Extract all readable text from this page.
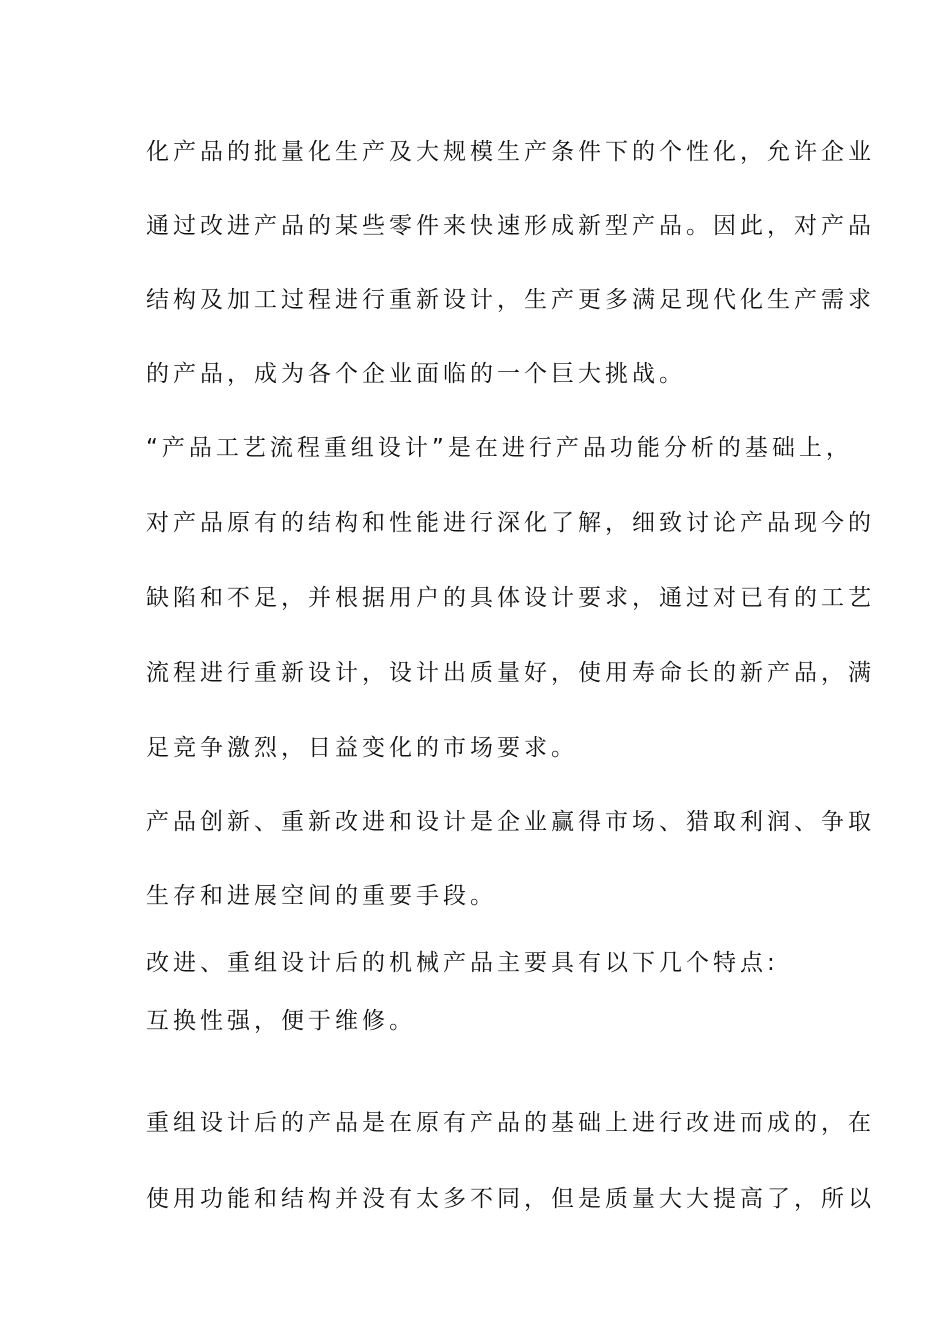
化产品的批量化生产及大规模生产条件下的个性化，允许企业
通过改进产品的某些零件来快速形成新型产品。因此，对产品
结构及加工过程进行重新设计，生产更多满足现代化生产需求
的产品，成为各个企业面临的一个巨大挑战。
“产品工艺流程重组设计”是在进行产品功能分析的基础上，
对产品原有的结构和性能进行深化了解，细致讨论产品现今的
缺陷和不足，并根据用户的具体设计要求，通过对已有的工艺
流程进行重新设计，设计出质量好，使用寿命长的新产品，满
足竞争激烈，日益变化的市场要求。
产品创新、重新改进和设计是企业赢得市场、猎取利润、争取
生存和进展空间的重要手段。
改进、重组设计后的机械产品主要具有以下几个特点:
互换性强，便于维修。
重组设计后的产品是在原有产品的基础上进行改进而成的，在
使用功能和结构并没有太多不同，但是质量大大提高了，所以
